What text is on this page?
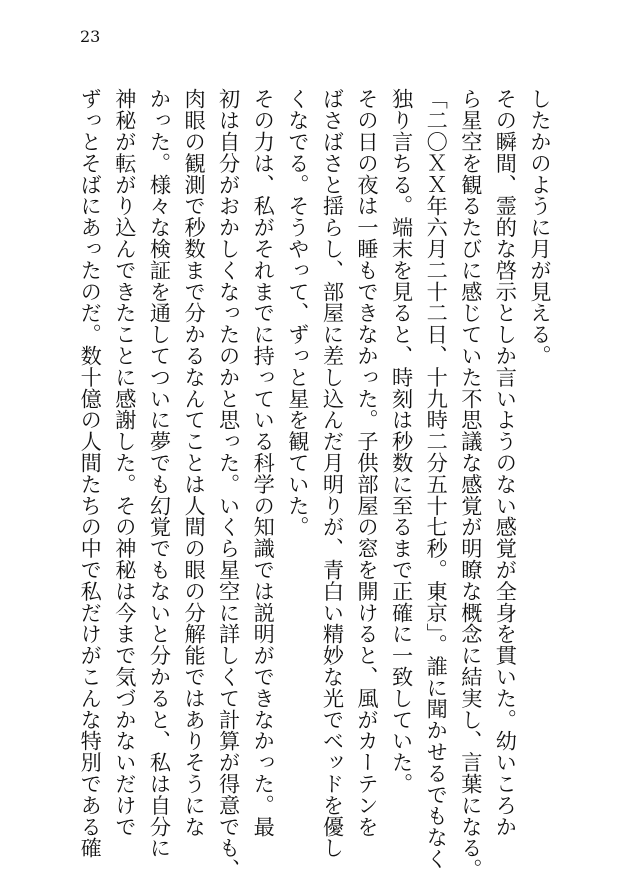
23
したかのように月が見える。
その瞬間、霊的な啓示としか言いようのない感覚が全身を貫いた。幼いころか
ら星空を観るたびに感じていた不思議な感覚が明瞭な概念に結実し、言葉になる。
「二〇ＸＸ年六月二十二日、十九時二分五十七秒。東京」。誰に聞かせるでもなく
独り言ちる。端末を見ると、時刻は秒数に至るまで正確に一致していた。
その日の夜は一睡もできなかった。子供部屋の窓を開けると、風がカーテンを
ばさばさと揺らし、部屋に差し込んだ月明りが、青白い精妙な光でベッドを優し
くなでる。そうやって、ずっと星を観ていた。
その力は、私がそれまでに持っている科学の知識では説明ができなかった。最
初は自分がおかしくなったのかと思った。いくら星空に詳しくて計算が得意でも、
肉眼の観測で秒数まで分かるなんてことは人間の眼の分解能ではありそうにな
かった。様々な検証を通してついに夢でも幻覚でもないと分かると、私は自分に
神秘が転がり込んできたことに感謝した。その神秘は今まで気づかないだけで
ずっとそばにあったのだ。数十億の人間たちの中で私だけがこんな特別である確
